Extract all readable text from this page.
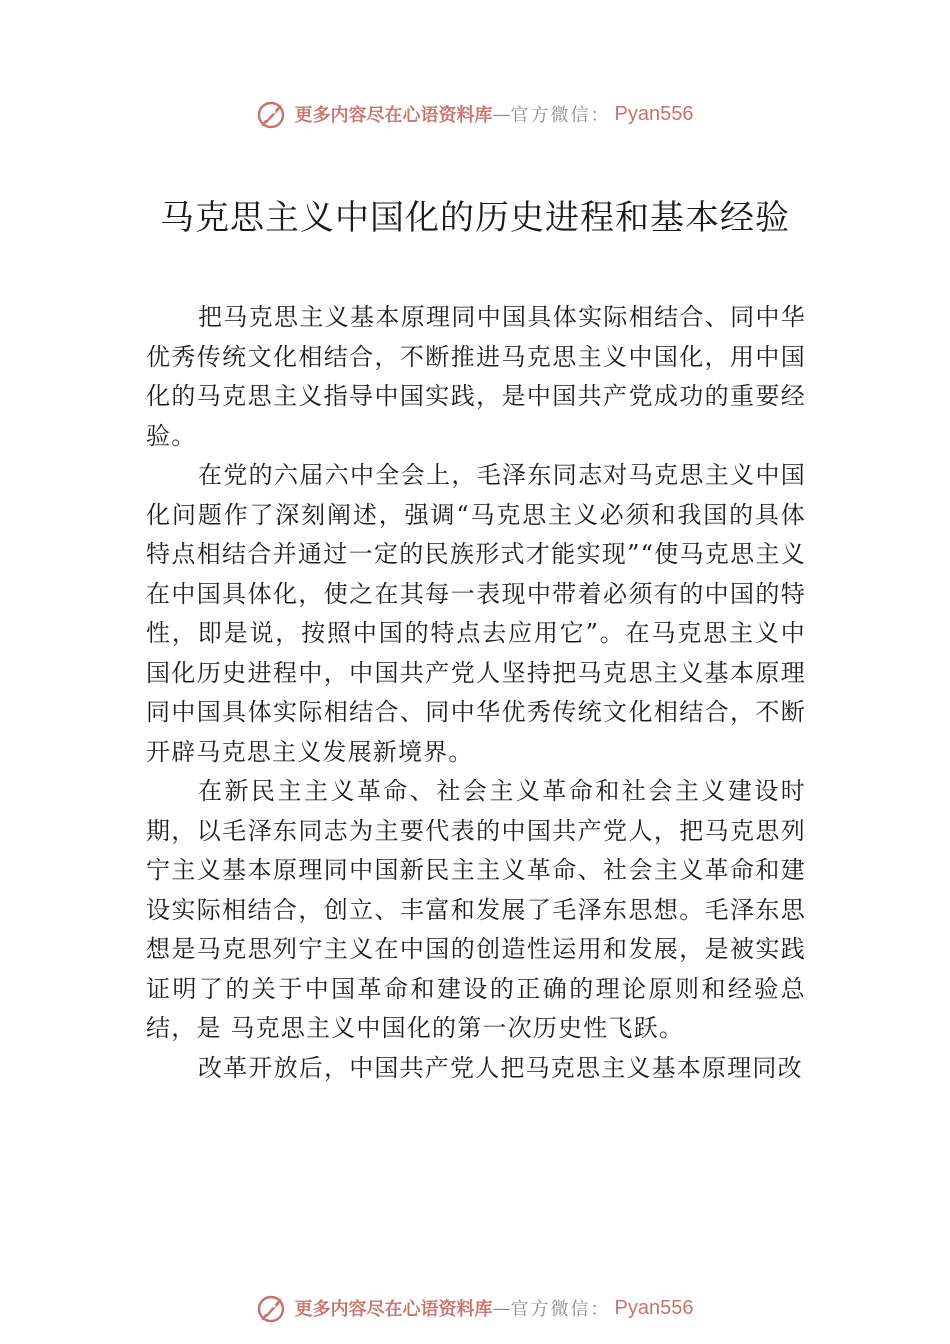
更多内容尽在心语资料库 — 官方微信： Pyan556
马克思主义中国化的历史进程和基本经验

把马克思主义基本原理同中国具体实际相结合、同中华优秀传统文化相结合，不断推进马克思主义中国化，用中国化的马克思主义指导中国实践，是中国共产党成功的重要经验。

在党的六届六中全会上，毛泽东同志对马克思主义中国化问题作了深刻阐述，强调“马克思主义必须和我国的具体特点相结合并通过一定的民族形式才能实现”“使马克思主义在中国具体化，使之在其每一表现中带着必须有的中国的特性，即是说，按照中国的特点去应用它”。在马克思主义中国化历史进程中，中国共产党人坚持把马克思主义基本原理同中国具体实际相结合、同中华优秀传统文化相结合，不断开辟马克思主义发展新境界。

在新民主主义革命、社会主义革命和社会主义建设时期，以毛泽东同志为主要代表的中国共产党人，把马克思列宁主义基本原理同中国新民主主义革命、社会主义革命和建设实际相结合，创立、丰富和发展了毛泽东思想。毛泽东思想是马克思列宁主义在中国的创造性运用和发展，是被实践证明了的关于中国革命和建设的正确的理论原则和经验总结，是 马克思主义中国化的第一次历史性飞跃。

改革开放后，中国共产党人把马克思主义基本原理同改

更多内容尽在心语资料库 — 官方微信： Pyan556
